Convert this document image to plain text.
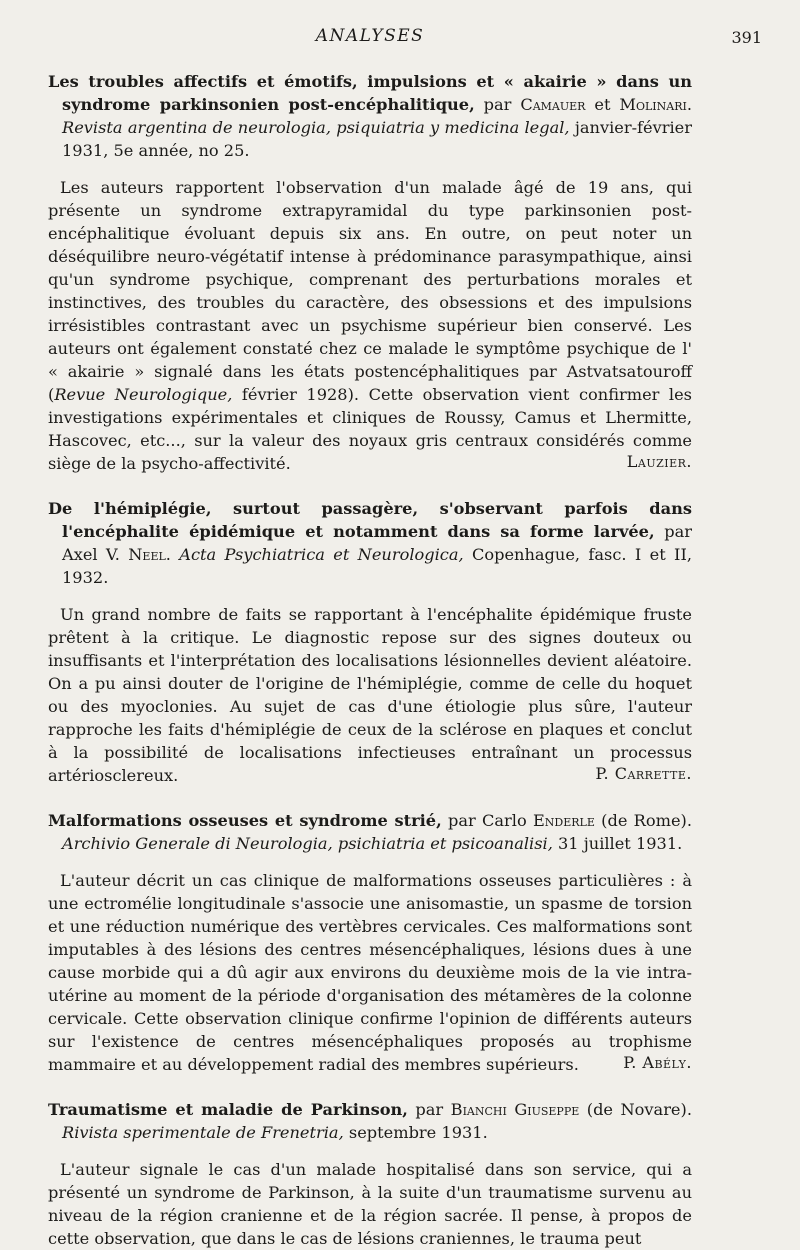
ANALYSES	391

Les troubles affectifs et émotifs, impulsions et « akairie » dans un syndrome parkinsonien post-encéphalitique, par Camauer et Molinari. Revista argentina de neurologia, psiquiatria y medicina legal, janvier-février 1931, 5e année, no 25.

Les auteurs rapportent l'observation d'un malade âgé de 19 ans, qui présente un syndrome extrapyramidal du type parkinsonien post-encéphalitique évoluant depuis six ans. En outre, on peut noter un déséquilibre neuro-végétatif intense à prédominance parasympathique, ainsi qu'un syndrome psychique, comprenant des perturbations morales et instinctives, des troubles du caractère, des obsessions et des impulsions irrésistibles contrastant avec un psychisme supérieur bien conservé. Les auteurs ont également constaté chez ce malade le symptôme psychique de l' « akairie » signalé dans les états postencéphalitiques par Astvatsatouroff (Revue Neurologique, février 1928). Cette observation vient confirmer les investigations expérimentales et cliniques de Roussy, Camus et Lhermitte, Hascovec, etc..., sur la valeur des noyaux gris centraux considérés comme siège de la psycho-affectivité.	Lauzier.

De l'hémiplégie, surtout passagère, s'observant parfois dans l'encéphalite épidémique et notamment dans sa forme larvée, par Axel V. Neel. Acta Psychiatrica et Neurologica, Copenhague, fasc. I et II, 1932.

Un grand nombre de faits se rapportant à l'encéphalite épidémique fruste prêtent à la critique. Le diagnostic repose sur des signes douteux ou insuffisants et l'interprétation des localisations lésionnelles devient aléatoire. On a pu ainsi douter de l'origine de l'hémiplégie, comme de celle du hoquet ou des myoclonies. Au sujet de cas d'une étiologie plus sûre, l'auteur rapproche les faits d'hémiplégie de ceux de la sclérose en plaques et conclut à la possibilité de localisations infectieuses entraînant un processus artériosclereux.	P. Carrette.

Malformations osseuses et syndrome strié, par Carlo Enderle (de Rome). Archivio Generale di Neurologia, psichiatria et psicoanalisi, 31 juillet 1931.

L'auteur décrit un cas clinique de malformations osseuses particulières : à une ectromélie longitudinale s'associe une anisomastie, un spasme de torsion et une réduction numérique des vertèbres cervicales. Ces malformations sont imputables à des lésions des centres mésencéphaliques, lésions dues à une cause morbide qui a dû agir aux environs du deuxième mois de la vie intra-utérine au moment de la période d'organisation des métamères de la colonne cervicale. Cette observation clinique confirme l'opinion de différents auteurs sur l'existence de centres mésencéphaliques proposés au trophisme mammaire et au développement radial des membres supérieurs.	P. Abély.

Traumatisme et maladie de Parkinson, par Bianchi Giuseppe (de Novare). Rivista sperimentale de Frenetria, septembre 1931.

L'auteur signale le cas d'un malade hospitalisé dans son service, qui a présenté un syndrome de Parkinson, à la suite d'un traumatisme survenu au niveau de la région cranienne et de la région sacrée. Il pense, à propos de cette observation, que dans le cas de lésions craniennes, le trauma peut
